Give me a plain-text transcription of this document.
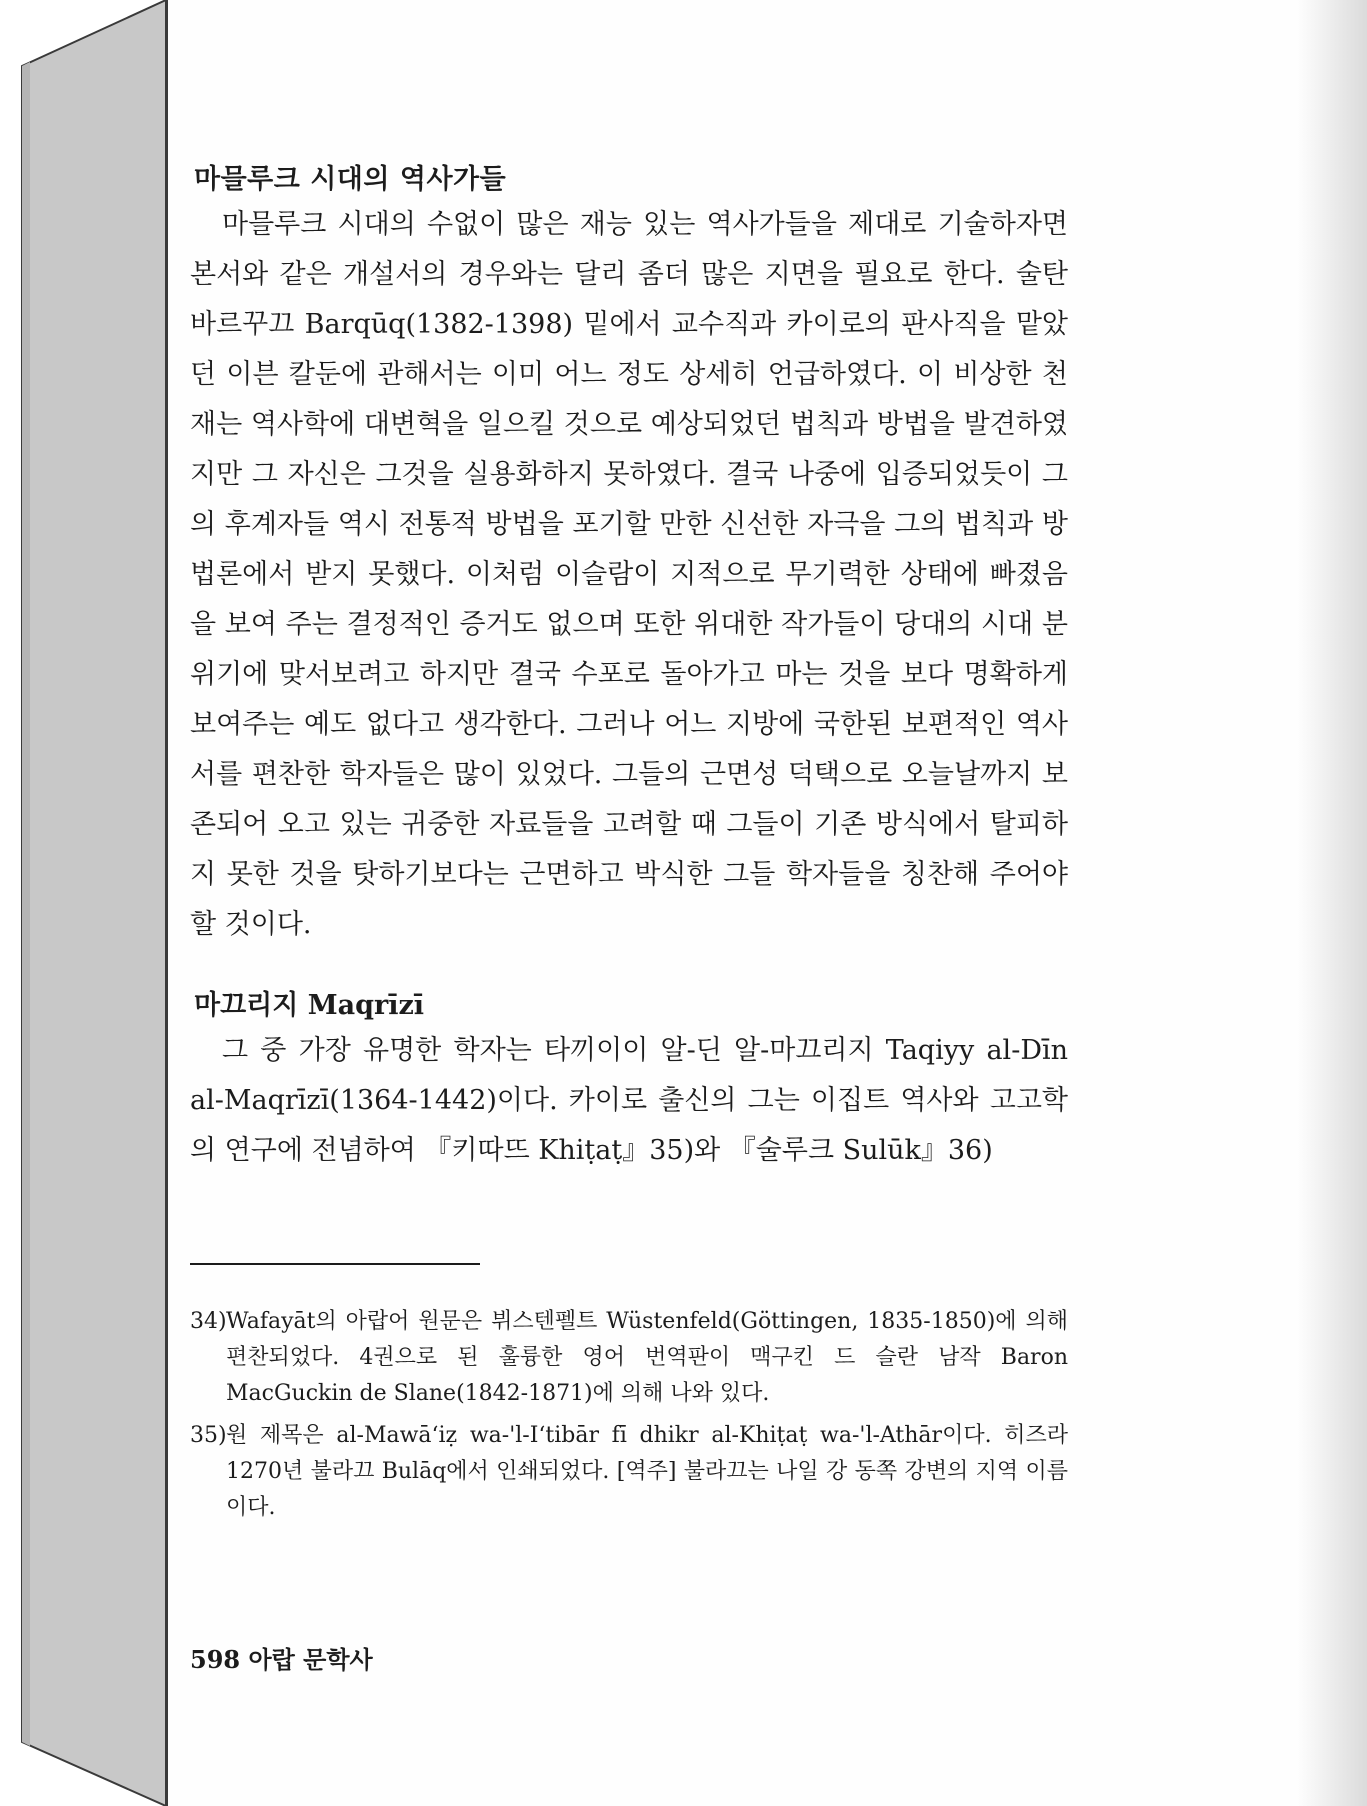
마믈루크 시대의 역사가들

마믈루크 시대의 수없이 많은 재능 있는 역사가들을 제대로 기술하자면 본서와 같은 개설서의 경우와는 달리 좀더 많은 지면을 필요로 한다. 술탄 바르꾸끄 Barqūq(1382-1398) 밑에서 교수직과 카이로의 판사직을 맡았던 이븐 칼둔에 관해서는 이미 어느 정도 상세히 언급하였다. 이 비상한 천재는 역사학에 대변혁을 일으킬 것으로 예상되었던 법칙과 방법을 발견하였지만 그 자신은 그것을 실용화하지 못하였다. 결국 나중에 입증되었듯이 그의 후계자들 역시 전통적 방법을 포기할 만한 신선한 자극을 그의 법칙과 방법론에서 받지 못했다. 이처럼 이슬람이 지적으로 무기력한 상태에 빠졌음을 보여 주는 결정적인 증거도 없으며 또한 위대한 작가들이 당대의 시대 분위기에 맞서보려고 하지만 결국 수포로 돌아가고 마는 것을 보다 명확하게 보여주는 예도 없다고 생각한다. 그러나 어느 지방에 국한된 보편적인 역사서를 편찬한 학자들은 많이 있었다. 그들의 근면성 덕택으로 오늘날까지 보존되어 오고 있는 귀중한 자료들을 고려할 때 그들이 기존 방식에서 탈피하지 못한 것을 탓하기보다는 근면하고 박식한 그들 학자들을 칭찬해 주어야 할 것이다.

마끄리지 Maqrīzī

그 중 가장 유명한 학자는 타끼이이 알-딘 알-마끄리지 Taqiyy al-Dīn al-Maqrīzī(1364-1442)이다. 카이로 출신의 그는 이집트 역사와 고고학의 연구에 전념하여 『키따뜨 Khiṭaṭ』35)와 『술루크 Sulūk』36)

34) Wafayāt의 아랍어 원문은 뷔스텐펠트 Wüstenfeld(Göttingen, 1835-1850)에 의해 편찬되었다. 4권으로 된 훌륭한 영어 번역판이 맥구킨 드 슬란 남작 Baron MacGuckin de Slane(1842-1871)에 의해 나와 있다.
35) 원 제목은 al-Mawāʻiẓ wa-'l-Iʻtibār fī dhikr al-Khiṭaṭ wa-'l-Athār이다. 히즈라 1270년 불라끄 Bulāq에서 인쇄되었다. [역주] 불라끄는 나일 강 동쪽 강변의 지역 이름이다.
598 아랍 문학사
